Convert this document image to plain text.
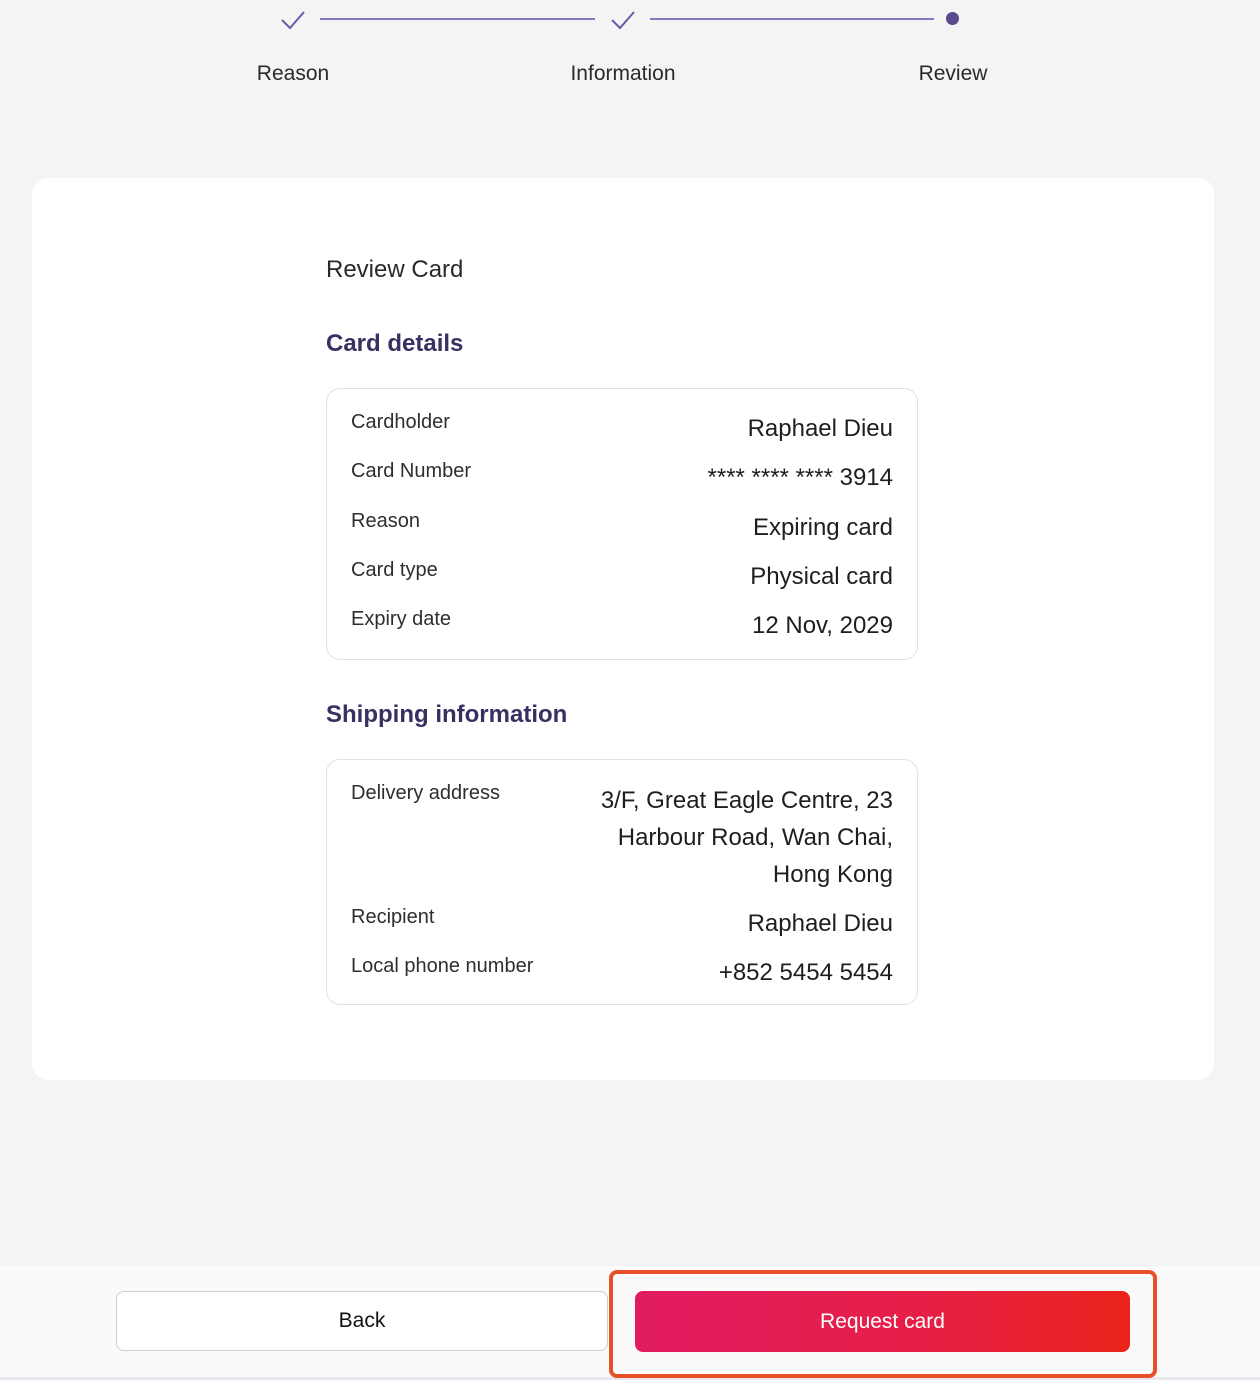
Reason	Information	Review
Review Card
Card details
Cardholder	Raphael Dieu
Card Number	**** **** **** 3914
Reason	Expiring card
Card type	Physical card
Expiry date	12 Nov, 2029
Shipping information
Delivery address	3/F, Great Eagle Centre, 23 Harbour Road, Wan Chai, Hong Kong
Recipient	Raphael Dieu
Local phone number	+852 5454 5454
Back	Request card
